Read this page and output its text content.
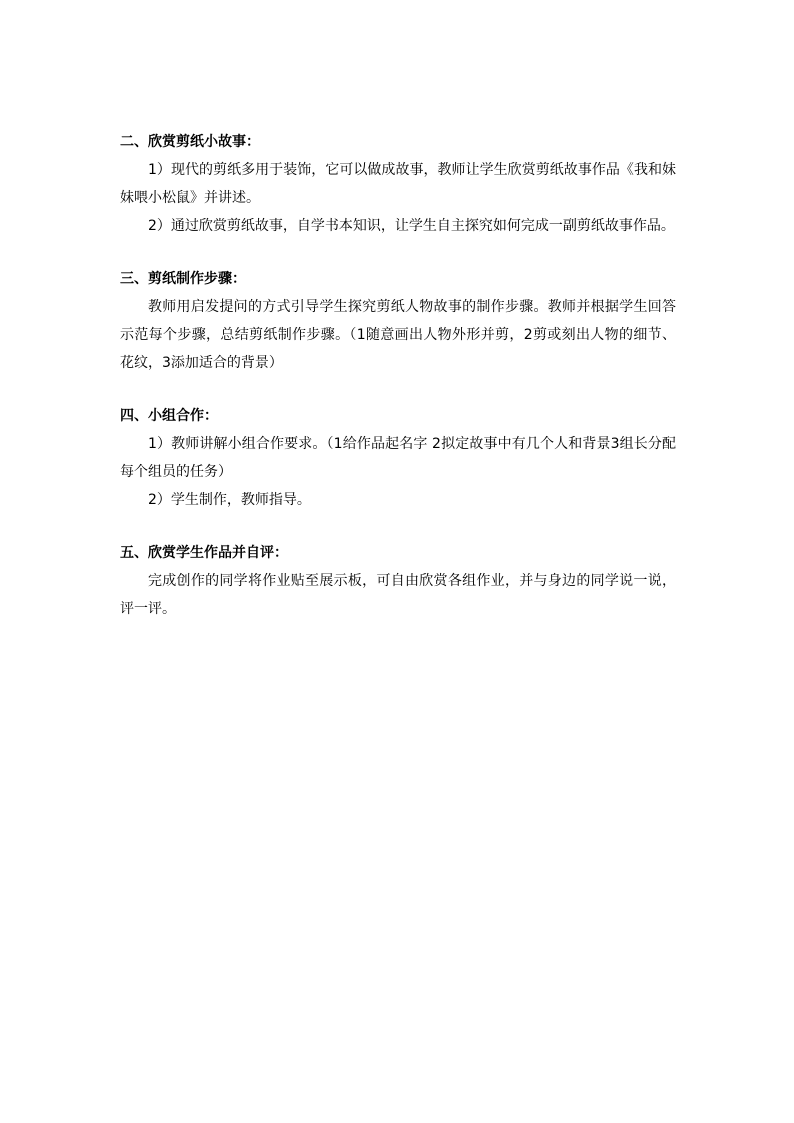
二、欣赏剪纸小故事：

1）现代的剪纸多用于装饰，它可以做成故事，教师让学生欣赏剪纸故事作品《我和妹妹喂小松鼠》并讲述。

2）通过欣赏剪纸故事，自学书本知识，让学生自主探究如何完成一副剪纸故事作品。

三、剪纸制作步骤：

教师用启发提问的方式引导学生探究剪纸人物故事的制作步骤。教师并根据学生回答示范每个步骤，总结剪纸制作步骤。（1随意画出人物外形并剪，2剪或刻出人物的细节、花纹，3添加适合的背景）

四、小组合作：

1）教师讲解小组合作要求。（1给作品起名字 2拟定故事中有几个人和背景3组长分配每个组员的任务）

2）学生制作，教师指导。

五、欣赏学生作品并自评：

完成创作的同学将作业贴至展示板，可自由欣赏各组作业，并与身边的同学说一说，评一评。
